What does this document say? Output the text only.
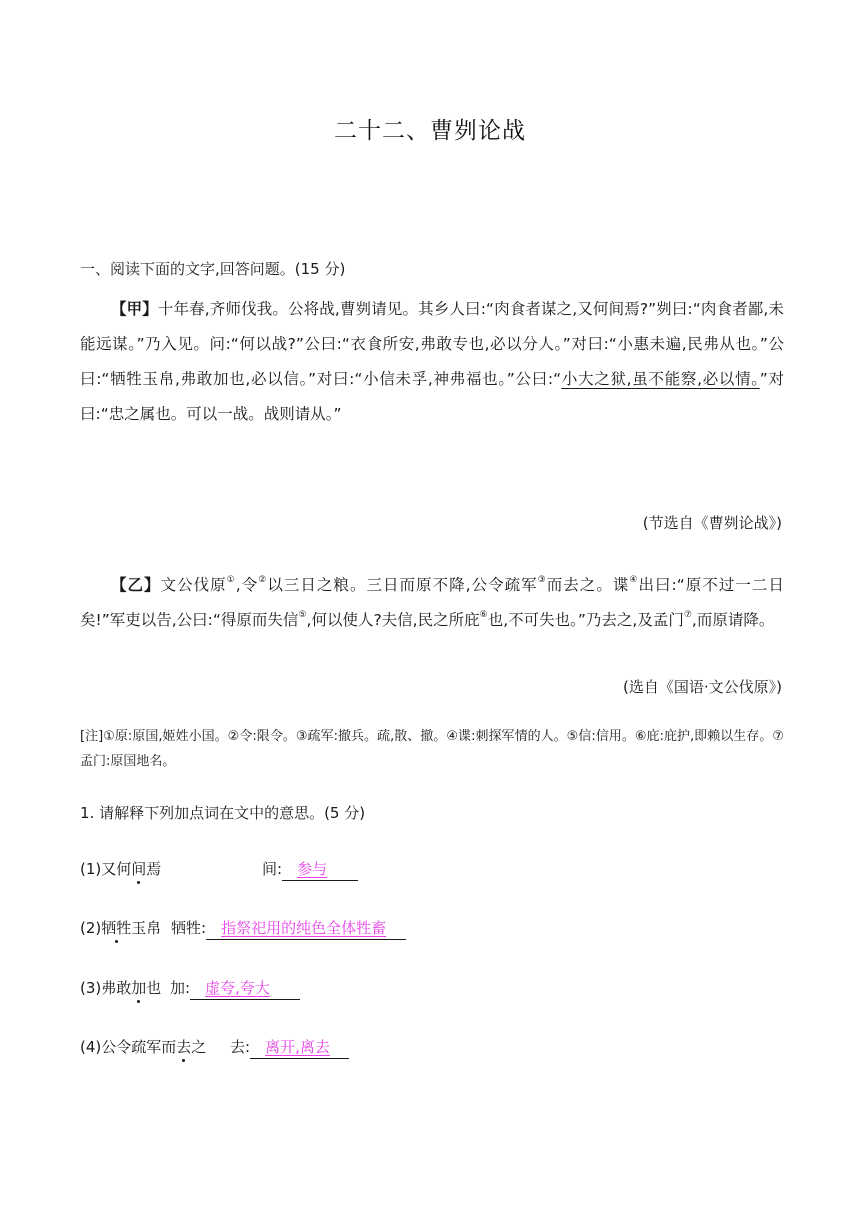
二十二、曹刿论战
一、阅读下面的文字,回答问题。(15 分)
【甲】十年春,齐师伐我。公将战,曹刿请见。其乡人曰:“肉食者谋之,又何间焉?”刿曰:“肉食者鄙,未能远谋。”乃入见。问:“何以战?”公曰:“衣食所安,弗敢专也,必以分人。”对曰:“小惠未遍,民弗从也。”公曰:“牺牲玉帛,弗敢加也,必以信。”对曰:“小信未孚,神弗福也。”公曰:“小大之狱,虽不能察,必以情。”对曰:“忠之属也。可以一战。战则请从。”
(节选自《曹刿论战》)
【乙】文公伐原①,令②以三日之粮。三日而原不降,公令疏军③而去之。谍④出曰:“原不过一二日矣!”军吏以告,公曰:“得原而失信⑤,何以使人?夫信,民之所庇⑥也,不可失也。”乃去之,及孟门⑦,而原请降。
(选自《国语·文公伐原》)
[注]①原:原国,姬姓小国。②令:限令。③疏军:撤兵。疏,散、撤。④谍:刺探军情的人。⑤信:信用。⑥庇:庇护,即赖以生存。⑦孟门:原国地名。
1. 请解释下列加点词在文中的意思。(5 分)
(1)又何间焉	间: 参与
(2)牺牲玉帛 牺牲: 指祭祀用的纯色全体牲畜
(3)弗敢加也 加: 虚夸,夸大
(4)公令疏军而去之 去: 离开,离去
